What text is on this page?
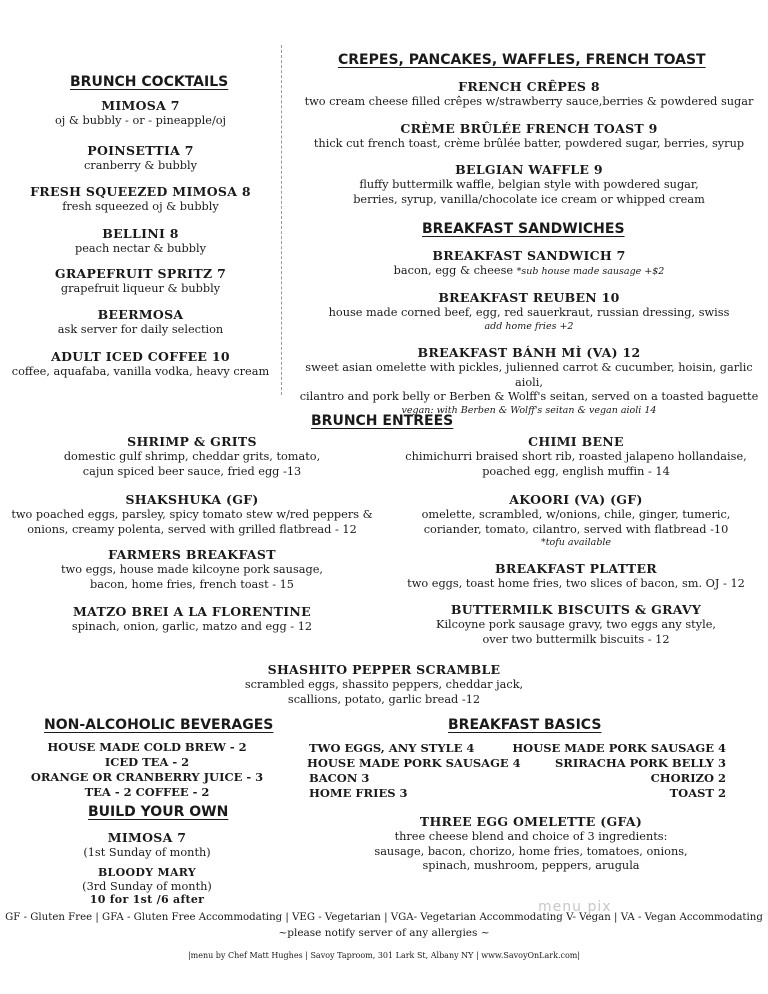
BRUNCH COCKTAILS
MIMOSA 7
oj & bubbly - or - pineapple/oj
POINSETTIA 7
cranberry & bubbly
FRESH SQUEEZED MIMOSA 8
fresh squeezed oj & bubbly
BELLINI 8
peach nectar & bubbly
GRAPEFRUIT SPRITZ 7
grapefruit liqueur & bubbly
BEERMOSA
ask server for daily selection
ADULT ICED COFFEE 10
coffee, aquafaba, vanilla vodka, heavy cream
CREPES, PANCAKES, WAFFLES, FRENCH TOAST
FRENCH CRÊPES 8
two cream cheese filled crêpes w/strawberry sauce,berries & powdered sugar
CRÈME BRÛLÉE FRENCH TOAST 9
thick cut french toast, crème brûlée batter, powdered sugar, berries, syrup
BELGIAN WAFFLE 9
fluffy buttermilk waffle, belgian style with powdered sugar,
berries, syrup, vanilla/chocolate ice cream or whipped cream
BREAKFAST SANDWICHES
BREAKFAST SANDWICH 7
bacon, egg & cheese *sub house made sausage +$2
BREAKFAST REUBEN 10
house made corned beef, egg, red sauerkraut, russian dressing, swiss
add home fries +2
BREAKFAST BÁNH MÌ (VA) 12
sweet asian omelette with pickles, julienned carrot & cucumber, hoisin, garlic aioli,
cilantro and pork belly or Berben & Wolff's seitan, served on a toasted baguette
vegan: with Berben & Wolff's seitan & vegan aioli 14
BRUNCH ENTREES
SHRIMP & GRITS
domestic gulf shrimp, cheddar grits, tomato,
cajun spiced beer sauce, fried egg -13
SHAKSHUKA (GF)
two poached eggs, parsley, spicy tomato stew w/red peppers &
onions, creamy polenta, served with grilled flatbread - 12
FARMERS BREAKFAST
two eggs, house made kilcoyne pork sausage,
bacon, home fries, french toast - 15
MATZO BREI A LA FLORENTINE
spinach, onion, garlic, matzo and egg - 12
CHIMI BENE
chimichurri braised short rib, roasted jalapeno hollandaise,
poached egg, english muffin - 14
AKOORI (VA) (GF)
omelette, scrambled, w/onions, chile, ginger, tumeric,
coriander, tomato, cilantro, served with flatbread -10
*tofu available
BREAKFAST PLATTER
two eggs, toast home fries, two slices of bacon, sm. OJ - 12
BUTTERMILK BISCUITS & GRAVY
Kilcoyne pork sausage gravy, two eggs any style,
over two buttermilk biscuits - 12
SHASHITO PEPPER SCRAMBLE
scrambled eggs, shassito peppers, cheddar jack,
scallions, potato, garlic bread -12
NON-ALCOHOLIC BEVERAGES
HOUSE MADE COLD BREW - 2
ICED TEA - 2
ORANGE OR CRANBERRY JUICE - 3
TEA - 2 COFFEE - 2
BUILD YOUR OWN
MIMOSA 7
(1st Sunday of month)
BLOODY MARY
(3rd Sunday of month)
10 for 1st /6 after
BREAKFAST BASICS
TWO EGGS, ANY STYLE 4
HOUSE MADE PORK SAUSAGE 4
BACON 3
HOME FRIES 3
HOUSE MADE PORK SAUSAGE 4
SRIRACHA PORK BELLY 3
CHORIZO 2
TOAST 2
THREE EGG OMELETTE (GFA)
three cheese blend and choice of 3 ingredients:
sausage, bacon, chorizo, home fries, tomatoes, onions,
spinach, mushroom, peppers, arugula
menu pix
GF - Gluten Free | GFA - Gluten Free Accommodating | VEG - Vegetarian | VGA- Vegetarian Accommodating V- Vegan | VA - Vegan Accommodating
~please notify server of any allergies ~
|menu by Chef Matt Hughes | Savoy Taproom, 301 Lark St, Albany NY | www.SavoyOnLark.com|
